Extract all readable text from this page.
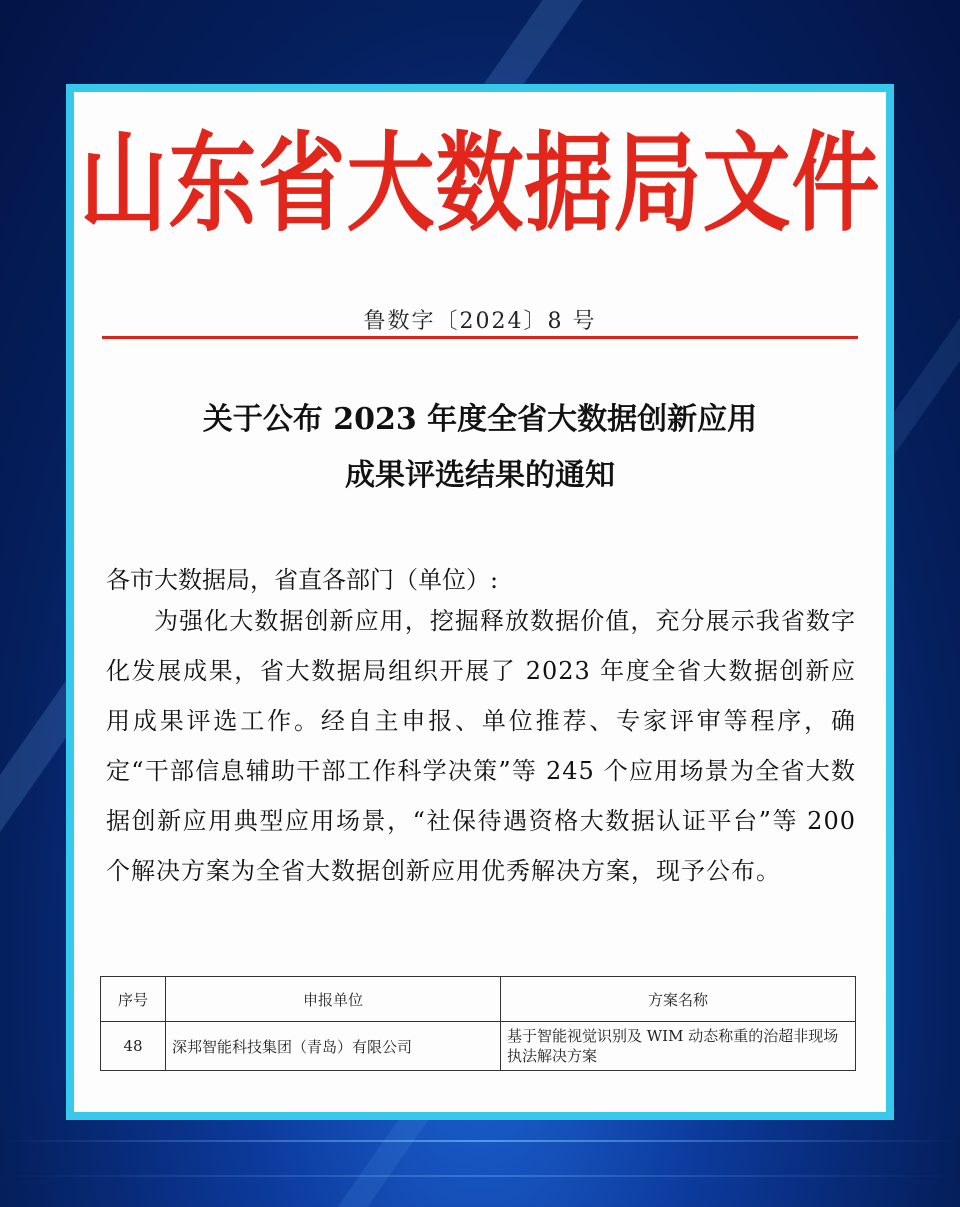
山东省大数据局文件
鲁数字〔2024〕8 号
关于公布 2023 年度全省大数据创新应用
成果评选结果的通知
各市大数据局，省直各部门（单位）:
为强化大数据创新应用，挖掘释放数据价值，充分展示我省数字化发展成果，省大数据局组织开展了 2023 年度全省大数据创新应用成果评选工作。经自主申报、单位推荐、专家评审等程序，确定“干部信息辅助干部工作科学决策”等 245 个应用场景为全省大数据创新应用典型应用场景，“社保待遇资格大数据认证平台”等 200 个解决方案为全省大数据创新应用优秀解决方案，现予公布。
序号	申报单位	方案名称
48	深邦智能科技集团（青岛）有限公司	基于智能视觉识别及 WIM 动态称重的治超非现场执法解决方案
